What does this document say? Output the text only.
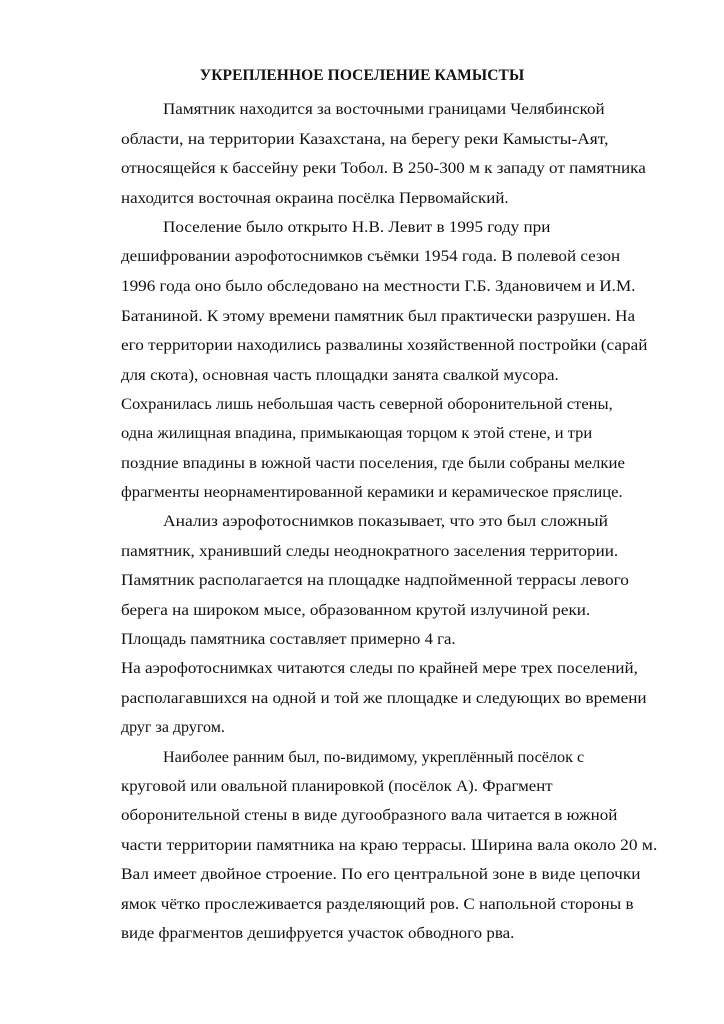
УКРЕПЛЕННОЕ ПОСЕЛЕНИЕ КАМЫСТЫ
Памятник находится за восточными границами Челябинской
области, на территории Казахстана, на берегу реки Камысты-Аят,
относящейся к бассейну реки Тобол. В 250-300 м к западу от памятника
находится восточная окраина посёлка Первомайский.
Поселение было открыто Н.В. Левит в 1995 году при
дешифровании аэрофотоснимков съёмки 1954 года. В полевой сезон
1996 года оно было обследовано на местности Г.Б. Здановичем и И.М.
Батаниной. К этому времени памятник был практически разрушен. На
его территории находились развалины хозяйственной постройки (сарай
для скота), основная часть площадки занята свалкой мусора.
Сохранилась лишь небольшая часть северной оборонительной стены,
одна жилищная впадина, примыкающая торцом к этой стене, и три
поздние впадины в южной части поселения, где были собраны мелкие
фрагменты неорнаментированной керамики и керамическое пряслице.
Анализ аэрофотоснимков показывает, что это был сложный
памятник, хранивший следы неоднократного заселения территории.
Памятник располагается на площадке надпойменной террасы левого
берега на широком мысе, образованном крутой излучиной реки.
Площадь памятника составляет примерно 4 га.
На аэрофотоснимках читаются следы по крайней мере трех поселений,
располагавшихся на одной и той же площадке и следующих во времени
друг за другом.
Наиболее ранним был, по-видимому, укреплённый посёлок с
круговой или овальной планировкой (посёлок А). Фрагмент
оборонительной стены в виде дугообразного вала читается в южной
части территории памятника на краю террасы. Ширина вала около 20 м.
Вал имеет двойное строение. По его центральной зоне в виде цепочки
ямок чётко прослеживается разделяющий ров. С напольной стороны в
виде фрагментов дешифруется участок обводного рва.
